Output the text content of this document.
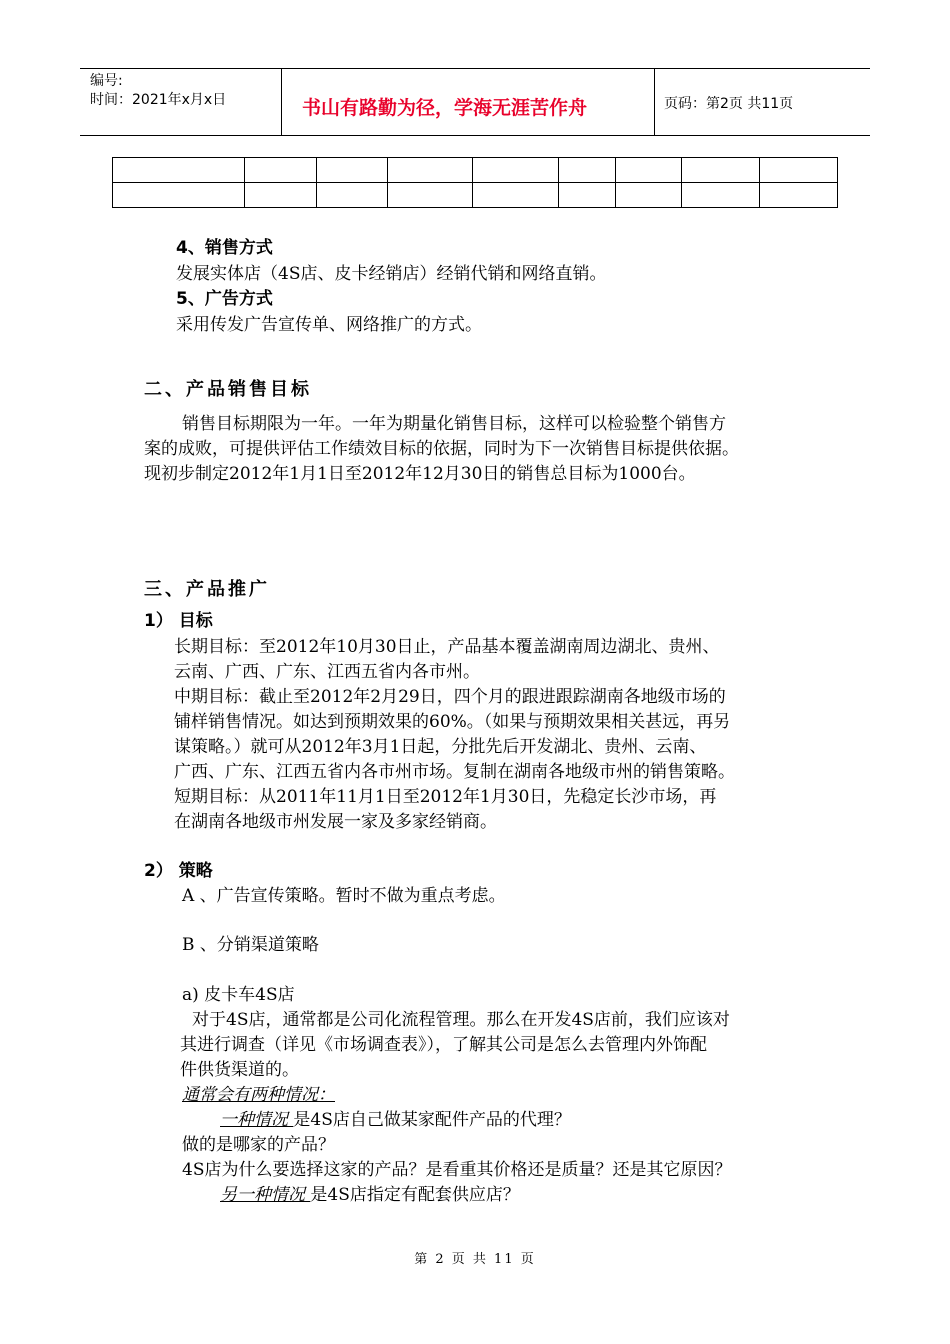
编号:
时间：2021年x月x日	书山有路勤为径，学海无涯苦作舟	页码：第2页 共11页

4、销售方式
发展实体店（4S店、皮卡经销店）经销代销和网络直销。
5、广告方式
采用传发广告宣传单、网络推广的方式。
二、产品销售目标
销售目标期限为一年。一年为期量化销售目标，这样可以检验整个销售方
案的成败，可提供评估工作绩效目标的依据，同时为下一次销售目标提供依据。
现初步制定2012年1月1日至2012年12月30日的销售总目标为1000台。
三、产品推广
1） 目标
长期目标：至2012年10月30日止，产品基本覆盖湖南周边湖北、贵州、
云南、广西、广东、江西五省内各市州。
中期目标：截止至2012年2月29日，四个月的跟进跟踪湖南各地级市场的
铺样销售情况。如达到预期效果的60%。（如果与预期效果相关甚远，再另
谋策略。）就可从2012年3月1日起，分批先后开发湖北、贵州、云南、
广西、广东、江西五省内各市州市场。复制在湖南各地级市州的销售策略。
短期目标：从2011年11月1日至2012年1月30日，先稳定长沙市场，再
在湖南各地级市州发展一家及多家经销商。
2） 策略
A 、广告宣传策略。暂时不做为重点考虑。
B 、分销渠道策略
a) 皮卡车4S店
对于4S店，通常都是公司化流程管理。那么在开发4S店前，我们应该对
其进行调查（详见《市场调查表》），了解其公司是怎么去管理内外饰配
件供货渠道的。
通常会有两种情况：
一种情况 是4S店自己做某家配件产品的代理？
做的是哪家的产品？
4S店为什么要选择这家的产品？是看重其价格还是质量？还是其它原因？
另一种情况 是4S店指定有配套供应店？
第 2 页 共 11 页
